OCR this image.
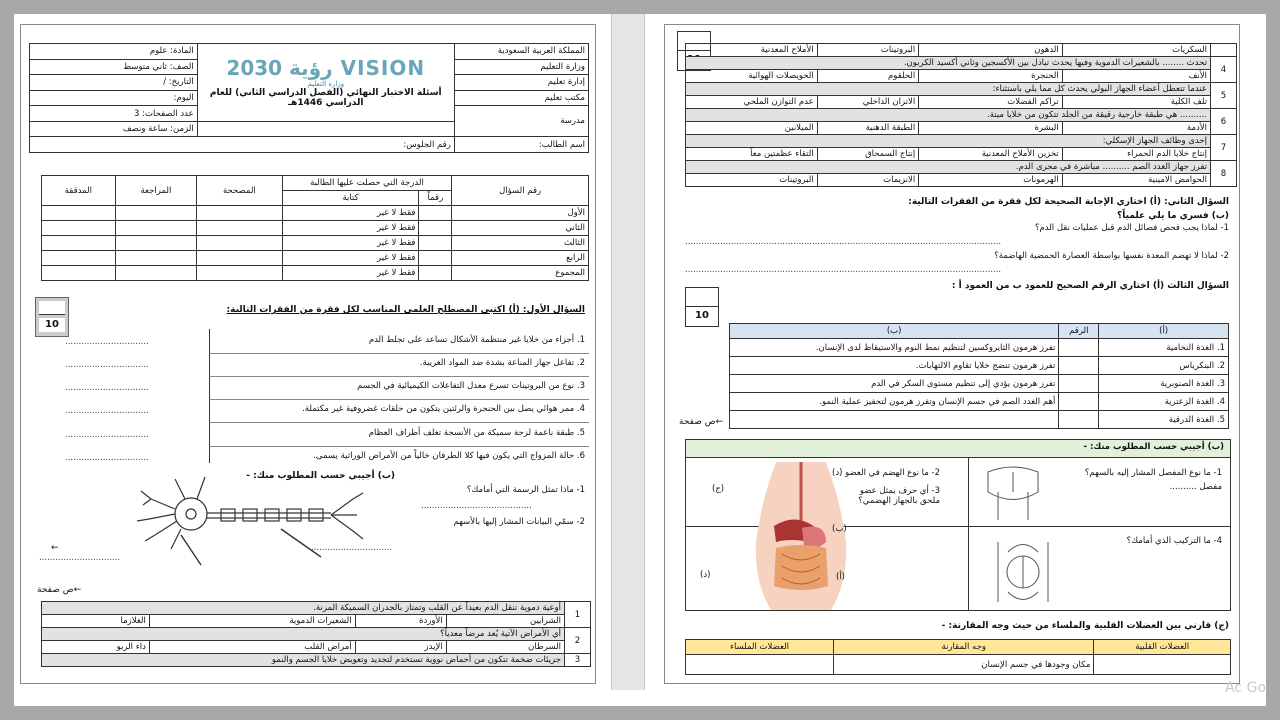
المملكة العربية السعودية	VISION رؤية 2030
وزارة التعليم
أسئلة الاختبار النهائي (الفصل الدراسي الثاني) للعام الدراسي 1446هـ	المادة: علوم
وزارة التعليم		الصف: ثاني متوسط
إدارة تعليم		التاريخ: /
مكتب تعليم		اليوم:
مدرسة		عدد الصفحات: 3
		الزمن: ساعة ونصف
اسم الطالب:	رقم الجلوس:	
رقم السؤال	الدرجة التي حصلت عليها الطالبة		المصححة	المراجعة	المدققة
	رقماً	كتابة			
الأول		فقط لا غير			
الثاني		فقط لا غير			
الثالث		فقط لا غير			
الرابع		فقط لا غير			
المجموع		فقط لا غير			
10
السؤال الأول: (أ) اكتبي المصطلح العلمي المناسب لكل فقرة من الفقرات التالية:
1. أجزاء من خلايا غير منتظمة الأشكال تساعد على تجلط الدم
2. تفاعل جهاز المناعة بشدة ضد المواد الغريبة.
3. نوع من البروتينات تسرع معدل التفاعلات الكيميائية في الجسم
4. ممر هوائي يصل بين الحنجرة والرئتين يتكون من حلقات غضروفية غير مكتملة.
5. طبقة ناعمة لزجة سميكة من الأنسجة تغلف أطراف العظام
6. حالة المزواج التي يكون فيها كلا الطرفان خالياً من الأمراض الوراثية يسمى.
...............................
...............................
...............................
...............................
...............................
...............................
(ب) أجيبي حسب المطلوب منك: -
1- ماذا تمثل الرسمة التي أمامك؟
.........................................
2- سمّي البيانات المشار إليها بالأسهم
←
..............................
..............................
←ص صفحة
1	أوعية دموية تنقل الدم بعيداً عن القلب وتمتاز بالجدران السميكة المرنة.			
	الشرايين	الأوردة	الشعيرات الدموية	الغلازما
2	أي الأمراض الآتية يُعد مرضاً معدياً؟			
	السرطان	الإيدز	أمراض القلب	داء الربو
3	جزيئات ضخمة تتكون من أحماض نووية تستخدم لتجديد وتعويض خلايا الجسم والنمو			
	السكريات	الدهون	البروتينات	الأملاح المعدنية
4	تحدث ........ بالشعيرات الدموية وفيها يحدث تبادل بين الأكسجين وثاني أكسيد الكربون.			
	الأنف	الحنجرة	الحلقوم	الحويصلات الهوائية
5	عندما تتعطل أعضاء الجهاز البولي يحدث كل مما يلي باستثناء:			
	تلف الكلية	تراكم الفضلات	الاتزان الداخلي	عدم التوازن الملحي
6	.......... هي طبقة خارجية رقيقة من الجلد تتكون من خلايا ميتة.			
	الأدمة	البشرة	الطبقة الدهنية	الميلانين
7	إحدى وظائف الجهاز الإسكلي:			
	إنتاج خلايا الدم الحمراء	تخزين الأملاح المعدنية	إنتاج السمحاق	التقاء عظمتين معاً
8	تفرز جهاز الغدد الصم .......... مباشرة في مجرى الدم.			
	الحوامض الامينية	الهرمونات	الانزيمات	البروتينات
السؤال الثاني: (أ) اختاري الإجابة الصحيحة لكل فقرة من الفقرات التالية:
(ب) فسري ما يلي علمياً؟
1- لماذا يجب فحص فصائل الدم قبل عمليات نقل الدم؟
.....................................................................................................................
2- لماذا لا تهضم المعدة نفسها بواسطة العصارة الحمضية الهاضمة؟
.....................................................................................................................
السؤال الثالث (أ) اختاري الرقم الصحيح للعمود ب من العمود أ :
10
(أ)	الرقم	(ب)
1. الغدة النخامية		تفرز هرمون الثايروكسين لتنظيم نمط النوم والاستيقاظ لدى الإنسان.
2. البنكرياس		تفرز هرمون تنضج خلايا تقاوم الالتهابات.
3. الغدة الصنوبرية		تفرز هرمون يؤدي إلى تنظيم مستوى السكر في الدم
4. الغدة الزعترية		أهم الغدد الصم في جسم الإنسان وتفرز هرمون لتحفيز عملية النمو.
5. الغدة الدرقية		
←ص صفحة
(ب) أجيبي حسب المطلوب منك: -
1- ما نوع المفصل المشار إليه بالسهم؟
مفصل ..........
4- ما التركيب الذي أمامك؟
2- ما نوع الهضم في العضو (د)
3- أي حرف يمثل عضو ملحق بالجهاز الهضمي؟
(ج)
(ب)
(د)	(أ)
(ج) قارني بين العضلات القلبية والملساء من حيث وجه المقارنة: -
العضلات القلبية	وجه المقارنة	العضلات الملساء
	مكان وجودها في جسم الإنسان	
Ac Go
